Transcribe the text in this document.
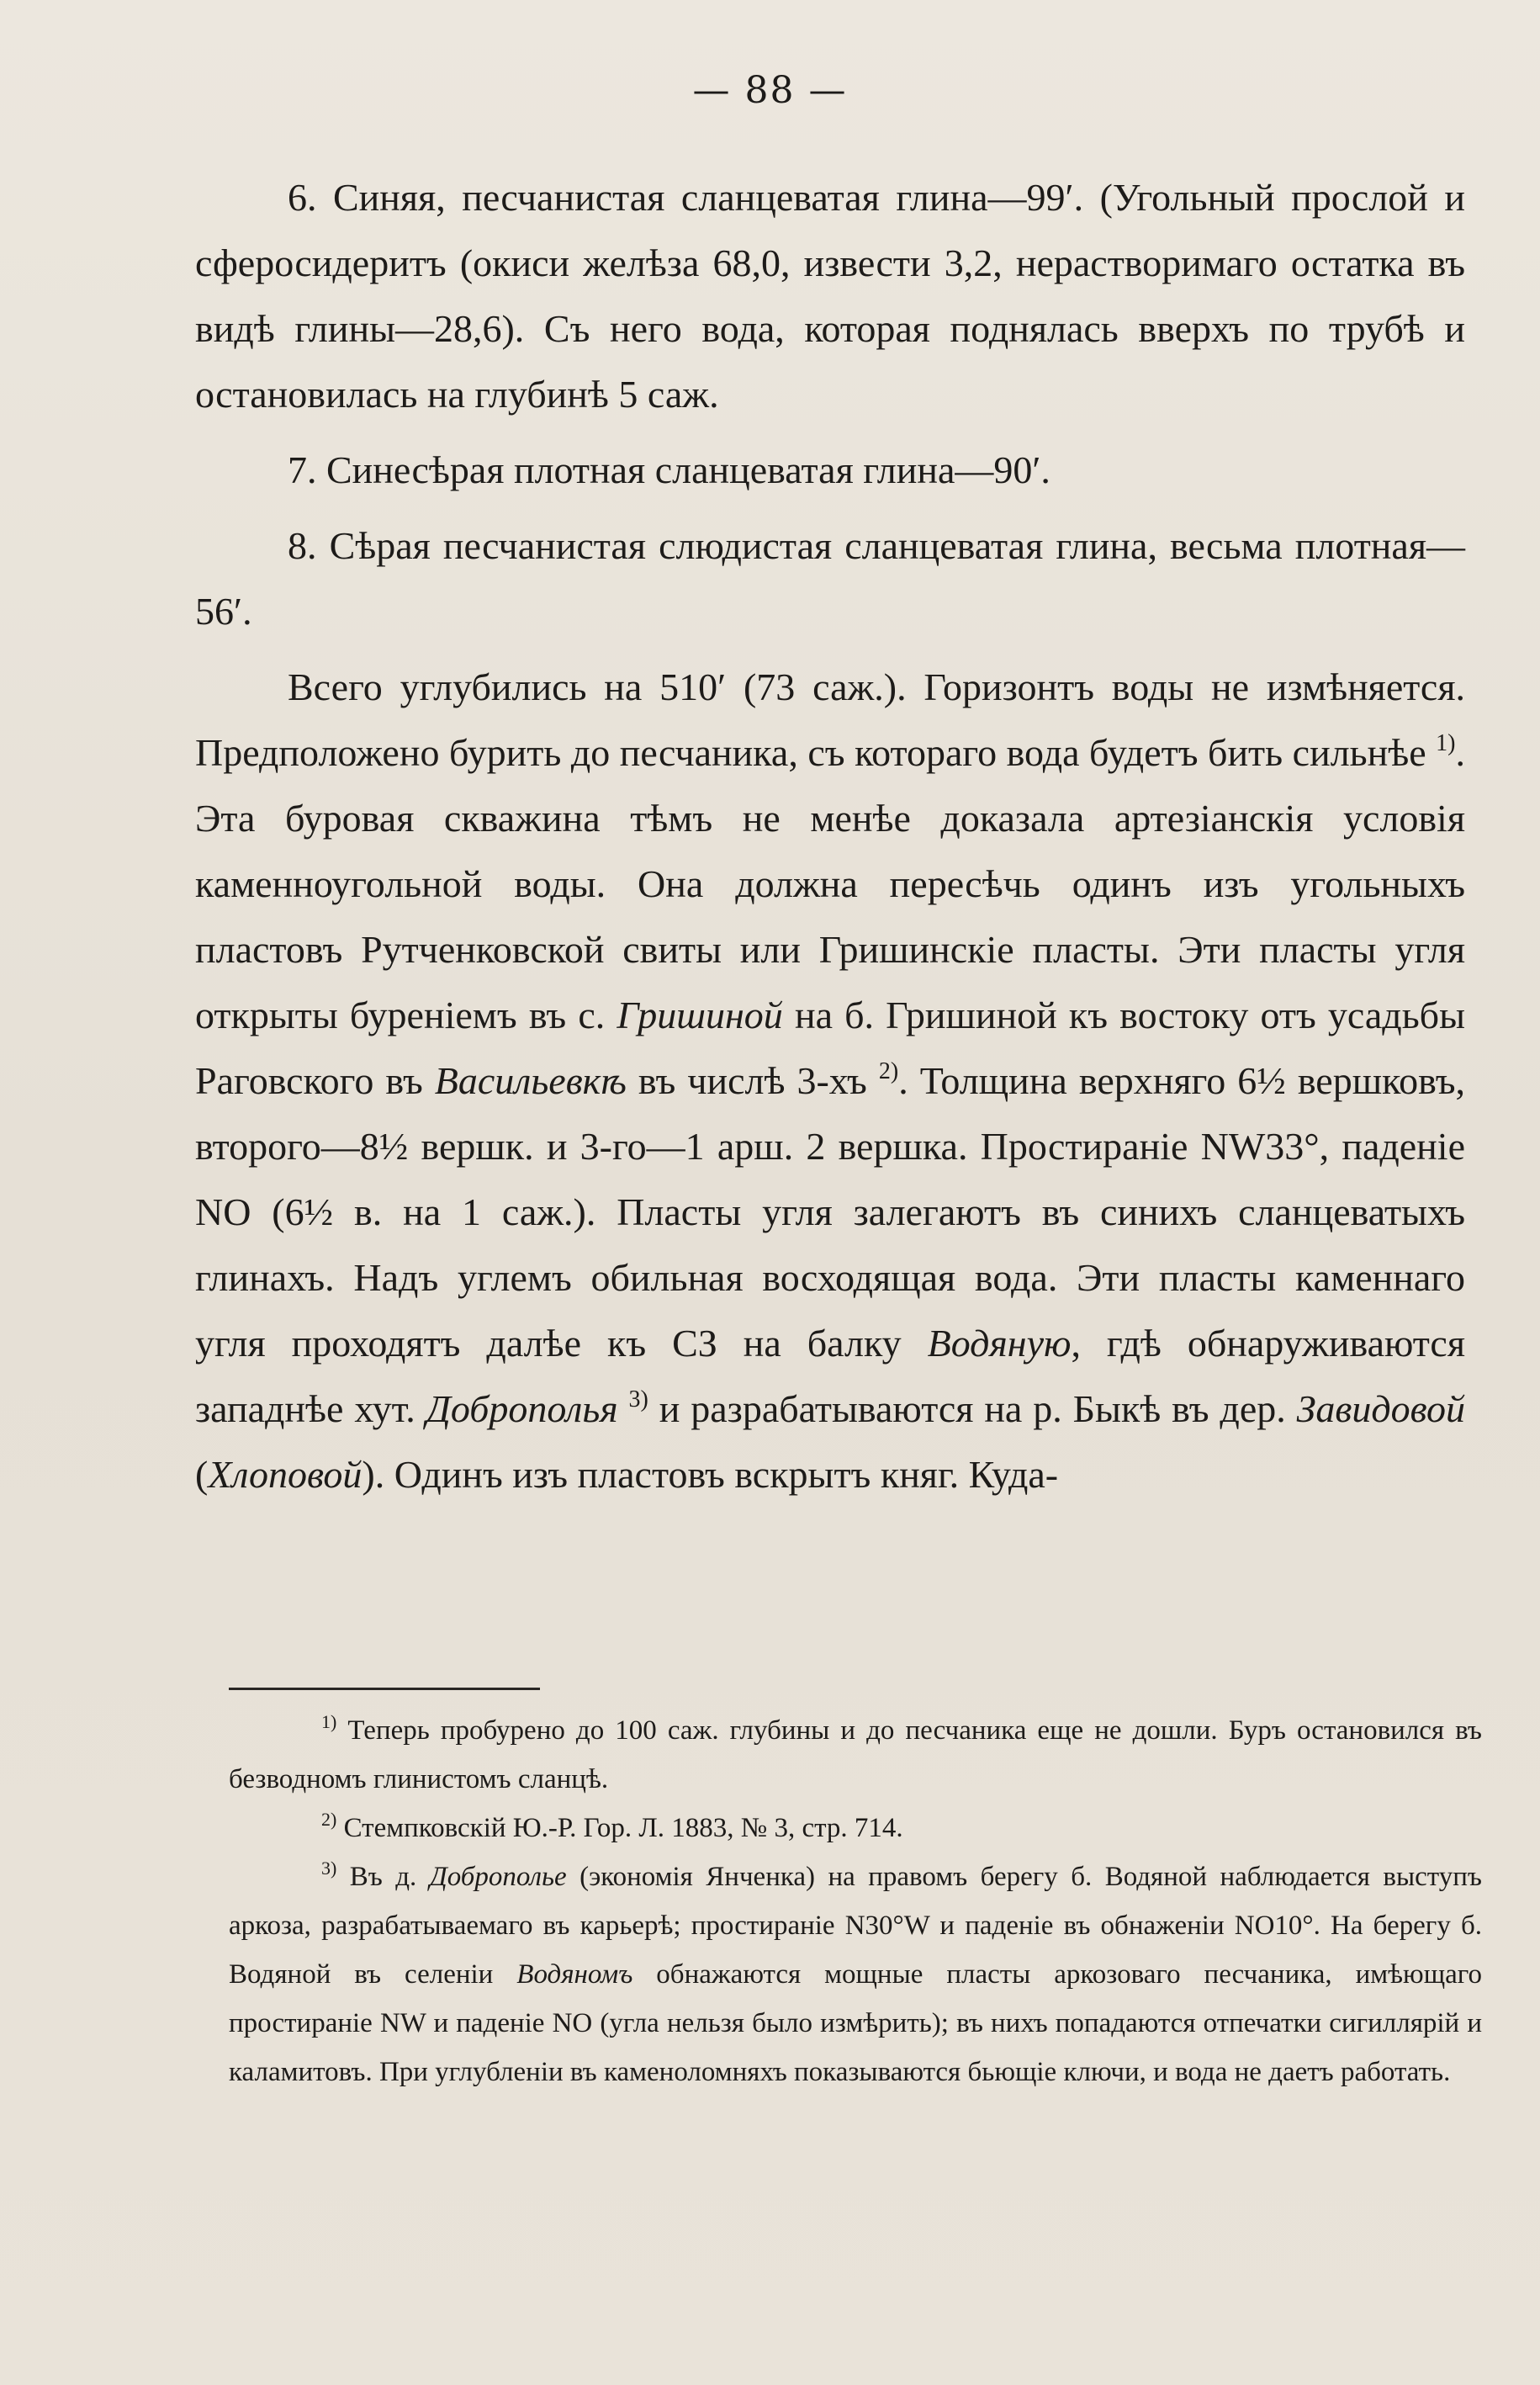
— 88 —

6. Синяя, песчанистая сланцеватая глина—99′. (Угольный прослой и сферосидеритъ (окиси желѣза 68,0, извести 3,2, нерастворимаго остатка въ видѣ глины—28,6). Съ него вода, которая поднялась вверхъ по трубѣ и остановилась на глубинѣ 5 саж.

7. Синесѣрая плотная сланцеватая глина—90′.

8. Сѣрая песчанистая слюдистая сланцеватая глина, весьма плотная—56′.

Всего углубились на 510′ (73 саж.). Горизонтъ воды не измѣняется. Предположено бурить до песчаника, съ котораго вода будетъ бить сильнѣе $^{1)}$. Эта буровая скважина тѣмъ не менѣе доказала артезіанскія условія каменноугольной воды. Она должна пересѣчь одинъ изъ угольныхъ пластовъ Рутченковской свиты или Гришинскіе пласты. Эти пласты угля открыты буреніемъ въ с. Гришиной на б. Гришиной къ востоку отъ усадьбы Раговского въ Васильевкѣ въ числѣ 3-хъ $^{2)}$. Толщина верхняго 6½ вершковъ, второго—8½ вершк. и 3-го—1 арш. 2 вершка. Простираніе NW33°, паденіе NO (6½ в. на 1 саж.). Пласты угля залегаютъ въ синихъ сланцеватыхъ глинахъ. Надъ углемъ обильная восходящая вода. Эти пласты каменнаго угля проходятъ далѣе къ СЗ на балку Водяную, гдѣ обнаруживаются западнѣе хут. Доброполья $^{3)}$ и разрабатываются на р. Быкѣ въ дер. Завидовой (Хлоповой). Одинъ изъ пластовъ вскрытъ княг. Куда-

$^{1)}$ Теперь пробурено до 100 саж. глубины и до песчаника еще не дошли. Буръ остановился въ безводномъ глинистомъ сланцѣ.

$^{2)}$ Стемпковскій Ю.-Р. Гор. Л. 1883, № 3, стр. 714.

$^{3)}$ Въ д. Доброполье (экономія Янченка) на правомъ берегу б. Водяной наблюдается выступъ аркоза, разрабатываемаго въ карьерѣ; простираніе N30°W и паденіе въ обнаженіи NO10°. На берегу б. Водяной въ селеніи Водяномъ обнажаются мощные пласты аркозоваго песчаника, имѣющаго простираніе NW и паденіе NO (угла нельзя было измѣрить); въ нихъ попадаются отпечатки сигиллярій и каламитовъ. При углубленіи въ каменоломняхъ показываются бьющіе ключи, и вода не даетъ работать.
